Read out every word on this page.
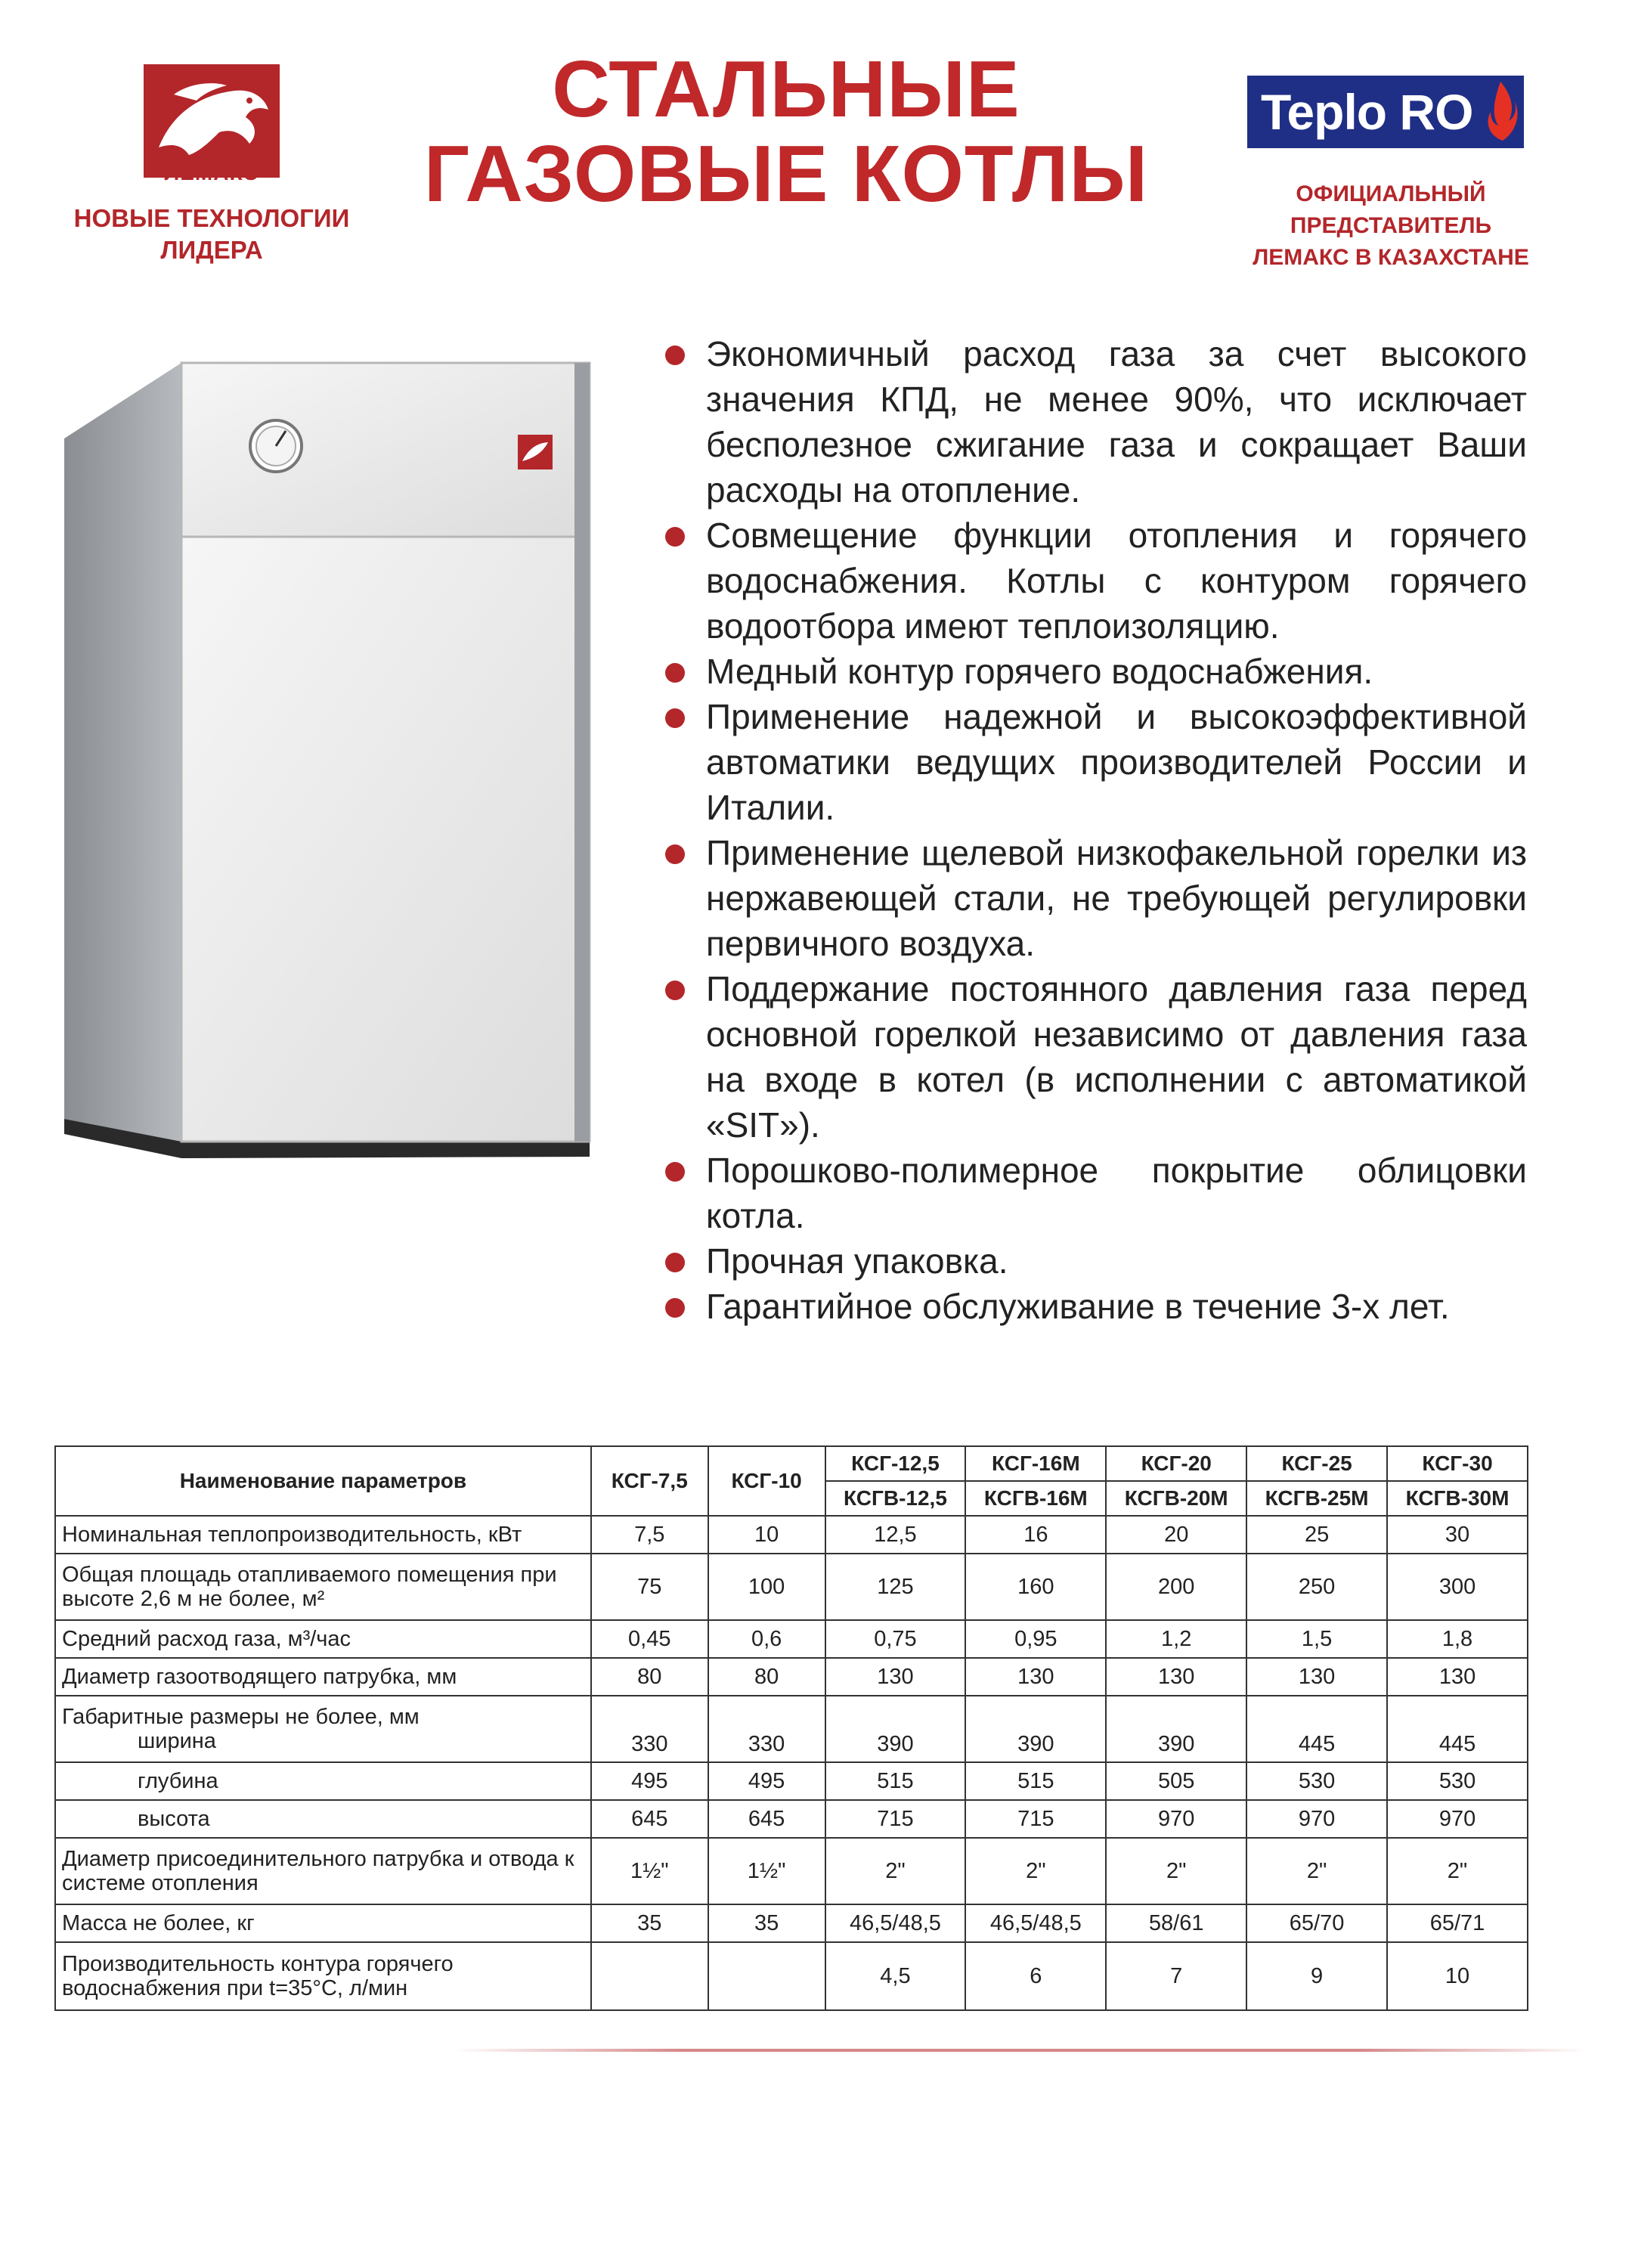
ЛЕМАКС
НОВЫЕ ТЕХНОЛОГИИ
ЛИДЕРА
СТАЛЬНЫЕ
ГАЗОВЫЕ КОТЛЫ
Teplo RO
ОФИЦИАЛЬНЫЙ
ПРЕДСТАВИТЕЛЬ
ЛЕМАКС В КАЗАХСТАНЕ
Экономичный расход газа за счет высокого значения КПД, не менее 90%, что исключает бесполезное сжигание газа и сокращает Ваши расходы на отопление.
Совмещение функции отопления и горячего водоснабжения. Котлы с контуром горячего водоотбора имеют теплоизоляцию.
Медный контур горячего водоснабжения.
Применение надежной и высокоэффективной автоматики ведущих производителей России и Италии.
Применение щелевой низкофакельной горелки из нержавеющей стали, не требующей регулировки первичного воздуха.
Поддержание постоянного давления газа перед основной горелкой независимо от давления газа на входе в котел (в исполнении с автоматикой «SIT»).
Порошково-полимерное покрытие облицовки котла.
Прочная упаковка.
Гарантийное обслуживание в течение 3-х лет.
Наименование параметров	КСГ-7,5	КСГ-10	КСГ-12,5	КСГ-16М	КСГ-20	КСГ-25	КСГ-30
			КСГВ-12,5	КСГВ-16М	КСГВ-20М	КСГВ-25М	КСГВ-30М
Номинальная теплопроизводительность, кВт	7,5	10	12,5	16	20	25	30
Общая площадь отапливаемого помещения при высоте 2,6 м не более, м²	75	100	125	160	200	250	300
Средний расход газа, м³/час	0,45	0,6	0,75	0,95	1,2	1,5	1,8
Диаметр газоотводящего патрубка, мм	80	80	130	130	130	130	130
Габаритные размеры не более, мм
ширина	330	330	390	390	390	445	445

глубина	495	495	515	515	505	530	530

высота	645	645	715	715	970	970	970
Диаметр присоединительного патрубка и отвода к системе отопления	1½"	1½"	2"	2"	2"	2"	2"
Масса не более, кг	35	35	46,5/48,5	46,5/48,5	58/61	65/70	65/71
Производительность контура горячего водоснабжения при t=35°С, л/мин			4,5	6	7	9	10
